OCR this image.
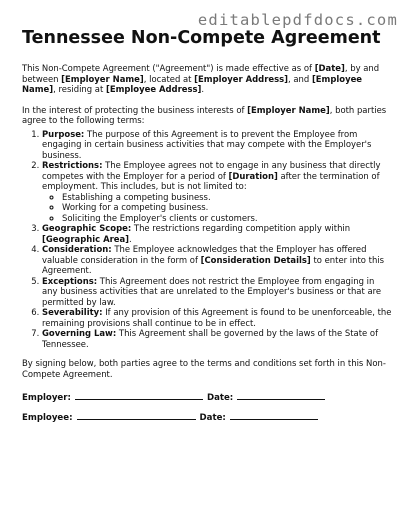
editablepdfdocs.com
Tennessee Non-Compete Agreement

This Non-Compete Agreement ("Agreement") is made effective as of [Date], by and between [Employer Name], located at [Employer Address], and [Employee Name], residing at [Employee Address].

In the interest of protecting the business interests of [Employer Name], both parties agree to the following terms:

1. Purpose: The purpose of this Agreement is to prevent the Employee from engaging in certain business activities that may compete with the Employer's business.
2. Restrictions: The Employee agrees not to engage in any business that directly competes with the Employer for a period of [Duration] after the termination of employment. This includes, but is not limited to:
◦ Establishing a competing business.
◦ Working for a competing business.
◦ Soliciting the Employer's clients or customers.
3. Geographic Scope: The restrictions regarding competition apply within [Geographic Area].
4. Consideration: The Employee acknowledges that the Employer has offered valuable consideration in the form of [Consideration Details] to enter into this Agreement.
5. Exceptions: This Agreement does not restrict the Employee from engaging in any business activities that are unrelated to the Employer's business or that are permitted by law.
6. Severability: If any provision of this Agreement is found to be unenforceable, the remaining provisions shall continue to be in effect.
7. Governing Law: This Agreement shall be governed by the laws of the State of Tennessee.

By signing below, both parties agree to the terms and conditions set forth in this Non-Compete Agreement.

Employer:	Date:
Employee:	Date:
